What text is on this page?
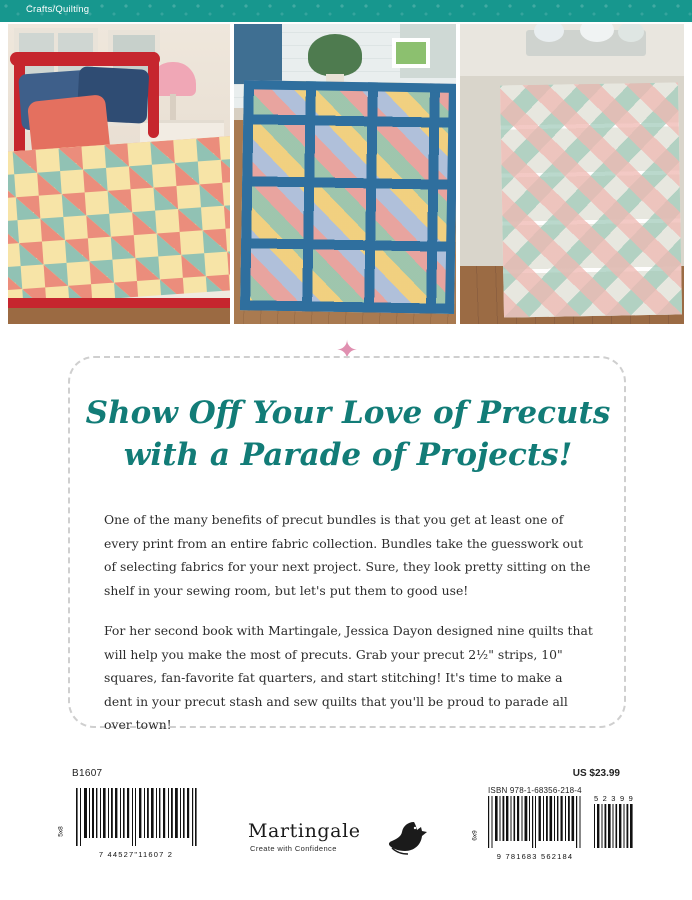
Crafts/Quilting
✦
Show Off Your Love of Precuts
with a Parade of Projects!

One of the many benefits of precut bundles is that you get at least one of every print from an entire fabric collection. Bundles take the guesswork out of selecting fabrics for your next project. Sure, they look pretty sitting on the shelf in your sewing room, but let's put them to good use!

For her second book with Martingale, Jessica Dayon designed nine quilts that will help you make the most of precuts. Grab your precut 2½" strips, 10" squares, fan-favorite fat quarters, and start stitching! It's time to make a dent in your precut stash and sew quilts that you'll be proud to parade all over town!

B1607	US $23.99
ISBN 978-1-68356-218-4
7 44527"11607 2
5x8	Martingale
Create with Confidence
9 781683 562184
6x9
5 2 3 9 9
